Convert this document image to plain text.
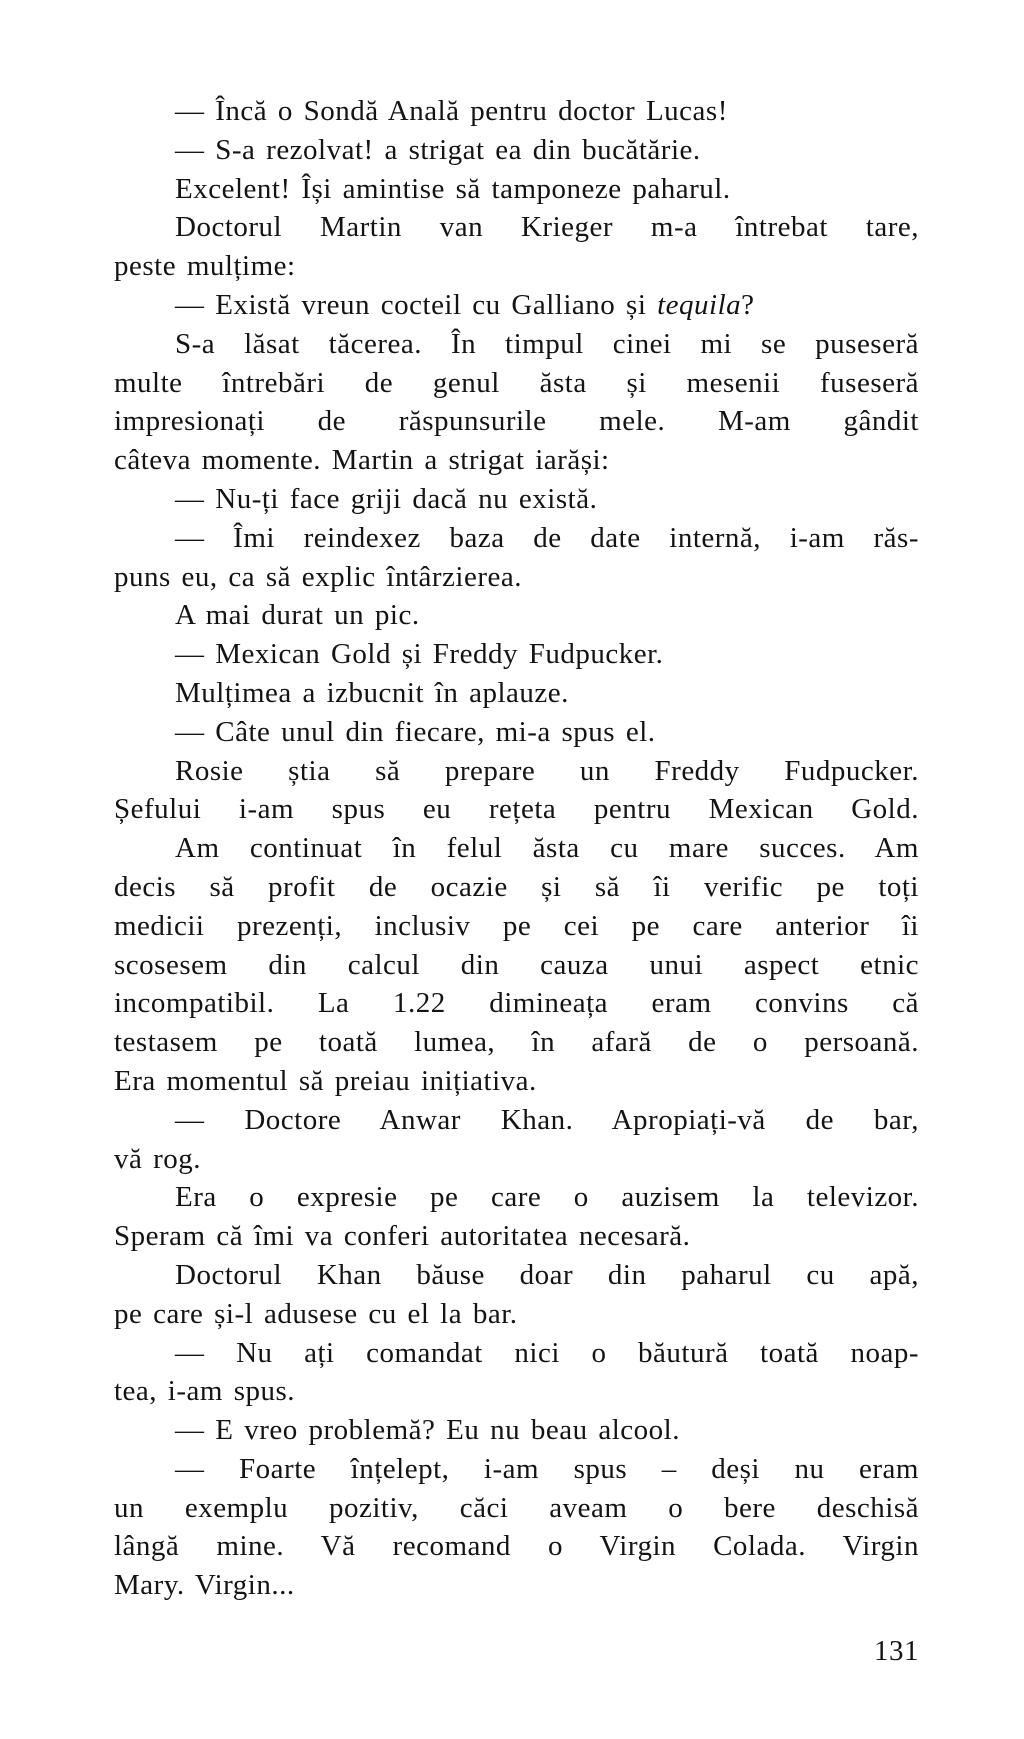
— Încă o Sondă Anală pentru doctor Lucas!
— S-a rezolvat! a strigat ea din bucătărie.
Excelent! Își amintise să tamponeze paharul.
Doctorul Martin van Krieger m-a întrebat tare,
peste mulțime:
— Există vreun cocteil cu Galliano și tequila?
S-a lăsat tăcerea. În timpul cinei mi se puseseră
multe întrebări de genul ăsta și mesenii fuseseră
impresionați de răspunsurile mele. M-am gândit
câteva momente. Martin a strigat iarăși:
— Nu-ți face griji dacă nu există.
— Îmi reindexez baza de date internă, i-am răs-
puns eu, ca să explic întârzierea.
A mai durat un pic.
— Mexican Gold și Freddy Fudpucker.
Mulțimea a izbucnit în aplauze.
— Câte unul din fiecare, mi-a spus el.
Rosie știa să prepare un Freddy Fudpucker.
Șefului i-am spus eu rețeta pentru Mexican Gold.
Am continuat în felul ăsta cu mare succes. Am
decis să profit de ocazie și să îi verific pe toți
medicii prezenți, inclusiv pe cei pe care anterior îi
scosesem din calcul din cauza unui aspect etnic
incompatibil. La 1.22 dimineața eram convins că
testasem pe toată lumea, în afară de o persoană.
Era momentul să preiau inițiativa.
— Doctore Anwar Khan. Apropiați-vă de bar,
vă rog.
Era o expresie pe care o auzisem la televizor.
Speram că îmi va conferi autoritatea necesară.
Doctorul Khan băuse doar din paharul cu apă,
pe care și-l adusese cu el la bar.
— Nu ați comandat nici o băutură toată noap-
tea, i-am spus.
— E vreo problemă? Eu nu beau alcool.
— Foarte înțelept, i-am spus – deși nu eram
un exemplu pozitiv, căci aveam o bere deschisă
lângă mine. Vă recomand o Virgin Colada. Virgin
Mary. Virgin...
131
